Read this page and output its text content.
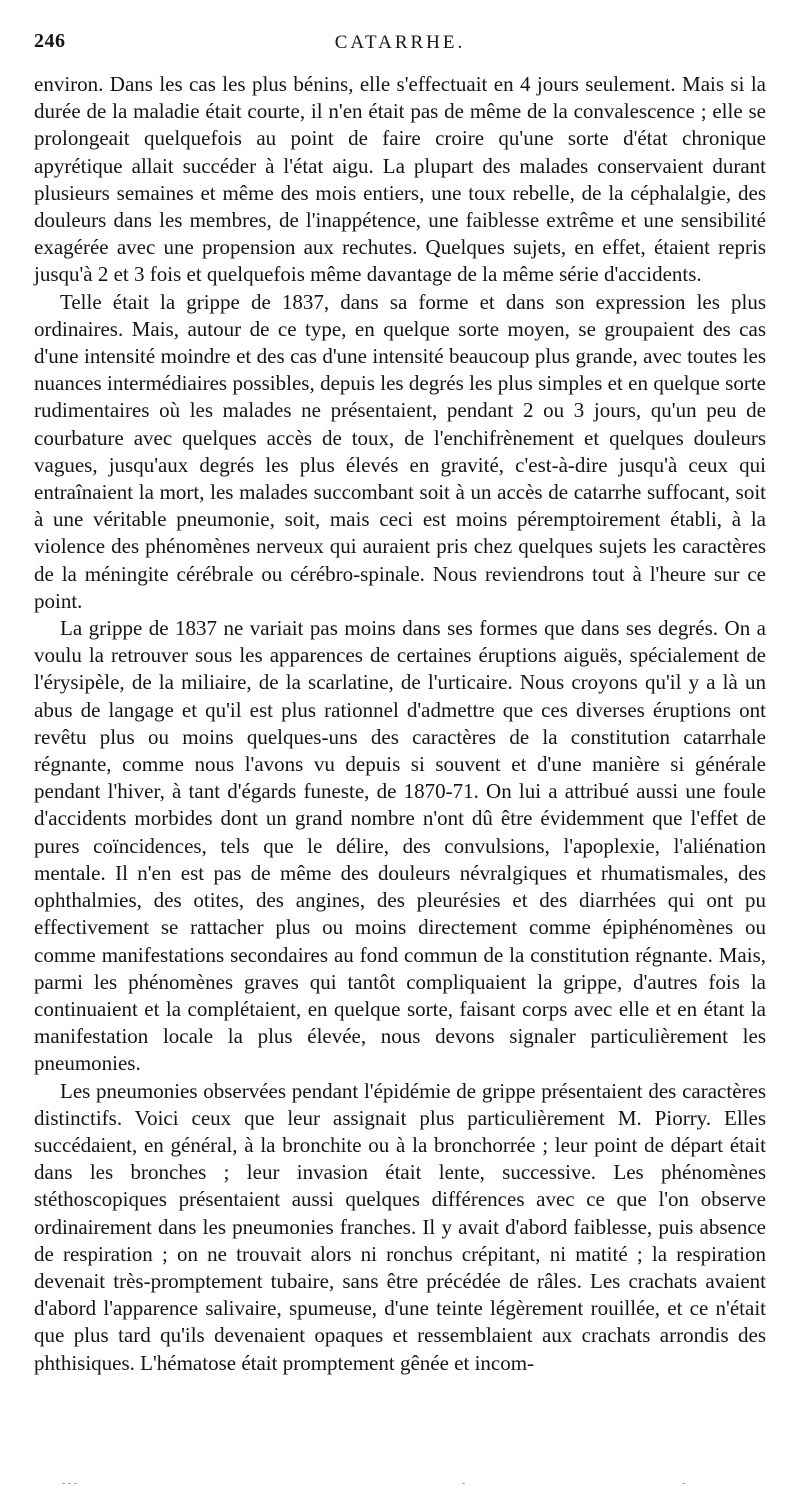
246	CATARRHE.

environ. Dans les cas les plus bénins, elle s'effectuait en 4 jours seulement. Mais si la durée de la maladie était courte, il n'en était pas de même de la convalescence ; elle se prolongeait quelquefois au point de faire croire qu'une sorte d'état chronique apyrétique allait succéder à l'état aigu. La plupart des malades conservaient durant plusieurs semaines et même des mois entiers, une toux rebelle, de la céphalalgie, des douleurs dans les membres, de l'inappétence, une faiblesse extrême et une sensibilité exagérée avec une propension aux rechutes. Quelques sujets, en effet, étaient repris jusqu'à 2 et 3 fois et quelquefois même davantage de la même série d'accidents.

Telle était la grippe de 1837, dans sa forme et dans son expression les plus ordinaires. Mais, autour de ce type, en quelque sorte moyen, se groupaient des cas d'une intensité moindre et des cas d'une intensité beaucoup plus grande, avec toutes les nuances intermédiaires possibles, depuis les degrés les plus simples et en quelque sorte rudimentaires où les malades ne présentaient, pendant 2 ou 3 jours, qu'un peu de courbature avec quelques accès de toux, de l'enchifrènement et quelques douleurs vagues, jusqu'aux degrés les plus élevés en gravité, c'est-à-dire jusqu'à ceux qui entraînaient la mort, les malades succombant soit à un accès de catarrhe suffocant, soit à une véritable pneumonie, soit, mais ceci est moins péremptoirement établi, à la violence des phénomènes nerveux qui auraient pris chez quelques sujets les caractères de la méningite cérébrale ou cérébro-spinale. Nous reviendrons tout à l'heure sur ce point.

La grippe de 1837 ne variait pas moins dans ses formes que dans ses degrés. On a voulu la retrouver sous les apparences de certaines éruptions aiguës, spécialement de l'érysipèle, de la miliaire, de la scarlatine, de l'urticaire. Nous croyons qu'il y a là un abus de langage et qu'il est plus rationnel d'admettre que ces diverses éruptions ont revêtu plus ou moins quelques-uns des caractères de la constitution catarrhale régnante, comme nous l'avons vu depuis si souvent et d'une manière si générale pendant l'hiver, à tant d'égards funeste, de 1870-71. On lui a attribué aussi une foule d'accidents morbides dont un grand nombre n'ont dû être évidemment que l'effet de pures coïncidences, tels que le délire, des convulsions, l'apoplexie, l'aliénation mentale. Il n'en est pas de même des douleurs névralgiques et rhumatismales, des ophthalmies, des otites, des angines, des pleurésies et des diarrhées qui ont pu effectivement se rattacher plus ou moins directement comme épiphénomènes ou comme manifestations secondaires au fond commun de la constitution régnante. Mais, parmi les phénomènes graves qui tantôt compliquaient la grippe, d'autres fois la continuaient et la complétaient, en quelque sorte, faisant corps avec elle et en étant la manifestation locale la plus élevée, nous devons signaler particulièrement les pneumonies.

Les pneumonies observées pendant l'épidémie de grippe présentaient des caractères distinctifs. Voici ceux que leur assignait plus particulièrement M. Piorry. Elles succédaient, en général, à la bronchite ou à la bronchorrée ; leur point de départ était dans les bronches ; leur invasion était lente, successive. Les phénomènes stéthoscopiques présentaient aussi quelques différences avec ce que l'on observe ordinairement dans les pneumonies franches. Il y avait d'abord faiblesse, puis absence de respiration ; on ne trouvait alors ni ronchus crépitant, ni matité ; la respiration devenait très-promptement tubaire, sans être précédée de râles. Les crachats avaient d'abord l'apparence salivaire, spumeuse, d'une teinte légèrement rouillée, et ce n'était que plus tard qu'ils devenaient opaques et ressemblaient aux crachats arrondis des phthisiques. L'hématose était promptement gênée et incom-

‐ ‐ ‐	‐	‐
